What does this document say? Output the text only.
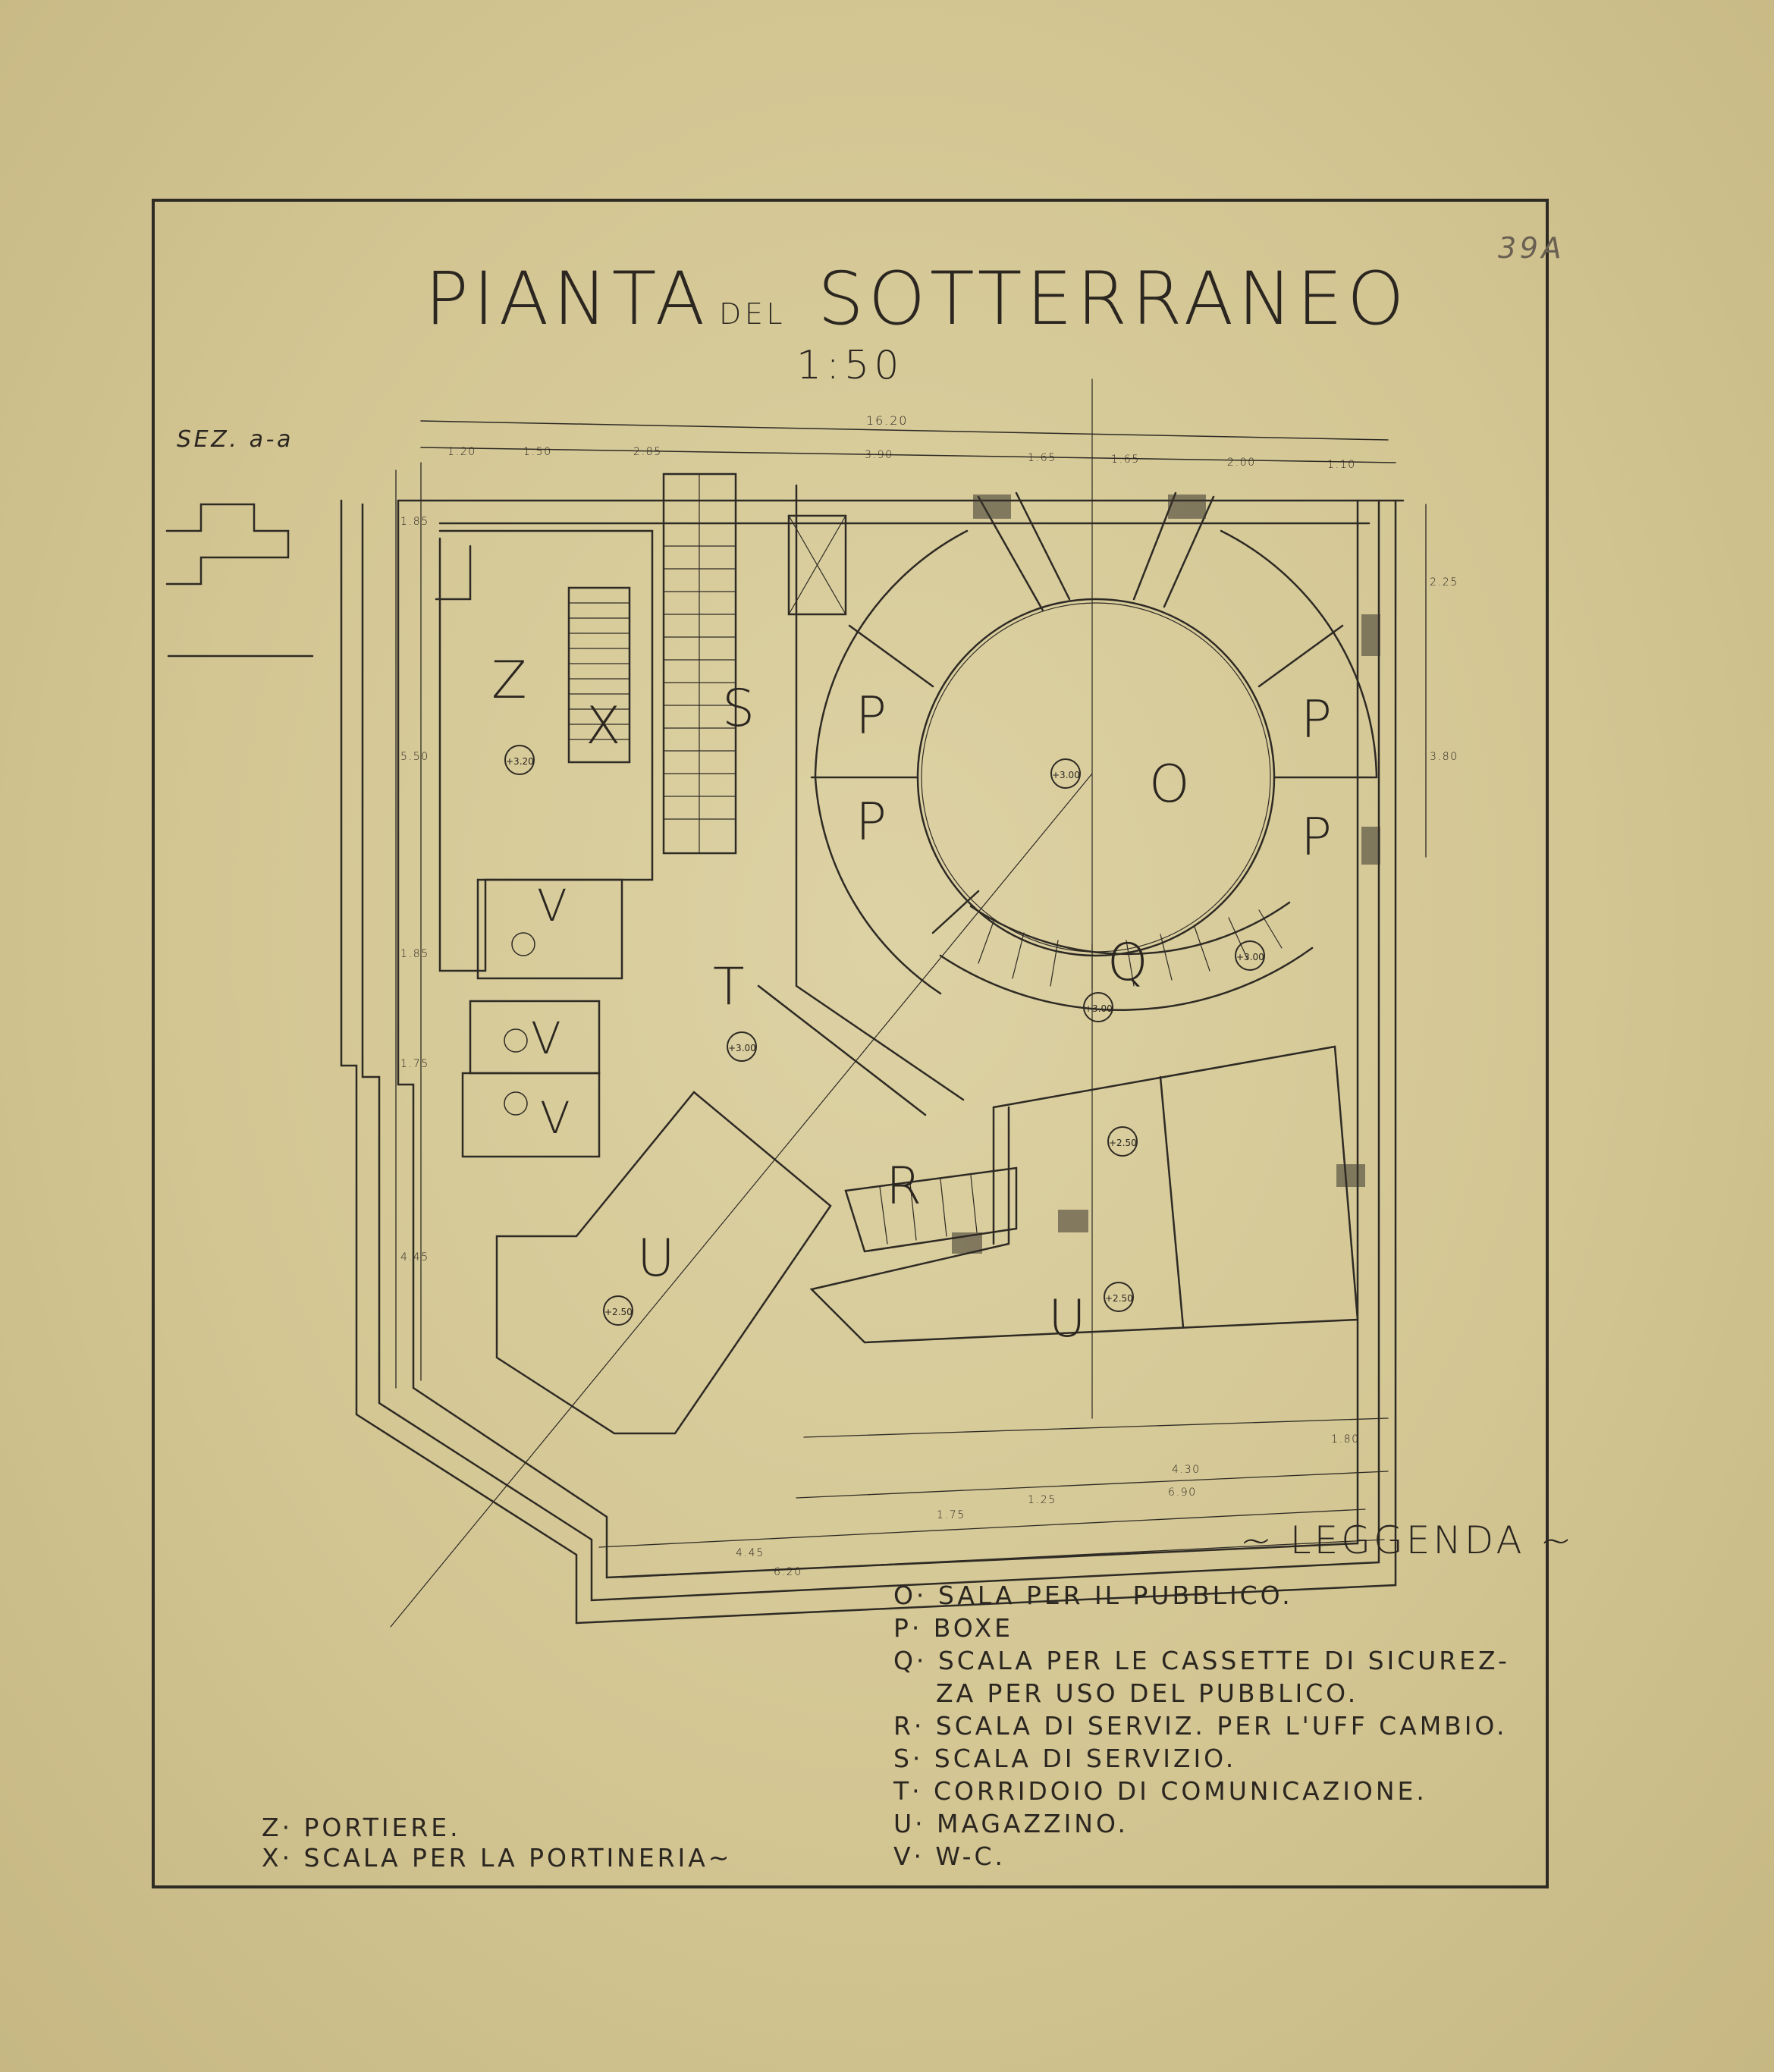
PIANTA DEL SOTTERRANEO
1:50
39A
SEZ. a-a
Z
X S
T
O
P	P
P	P
Q
R
U
U
V
V
V
+3.20
+3.00
+3.00
+3.00
+3.00
+2.50
+2.50
+2.50
16.20
1.20	1.50	2.85	3.90	1.65	1.65	2.00	1.10
4.45
6.20
1.75
1.25
6.90
4.30
1.80
1.85
5.50
1.85
1.75
4.45
2.25
3.80
~ LEGGENDA ~
O· SALA PER IL PUBBLICO.
P· BOXE
Q· SCALA PER LE CASSETTE DI SICUREZ-
ZA PER USO DEL PUBBLICO.
R· SCALA DI SERVIZ. PER L'UFF CAMBIO.
S· SCALA DI SERVIZIO.
T· CORRIDOIO DI COMUNICAZIONE.
U· MAGAZZINO.
V· W-C.
Z· PORTIERE.
X· SCALA PER LA PORTINERIA~
